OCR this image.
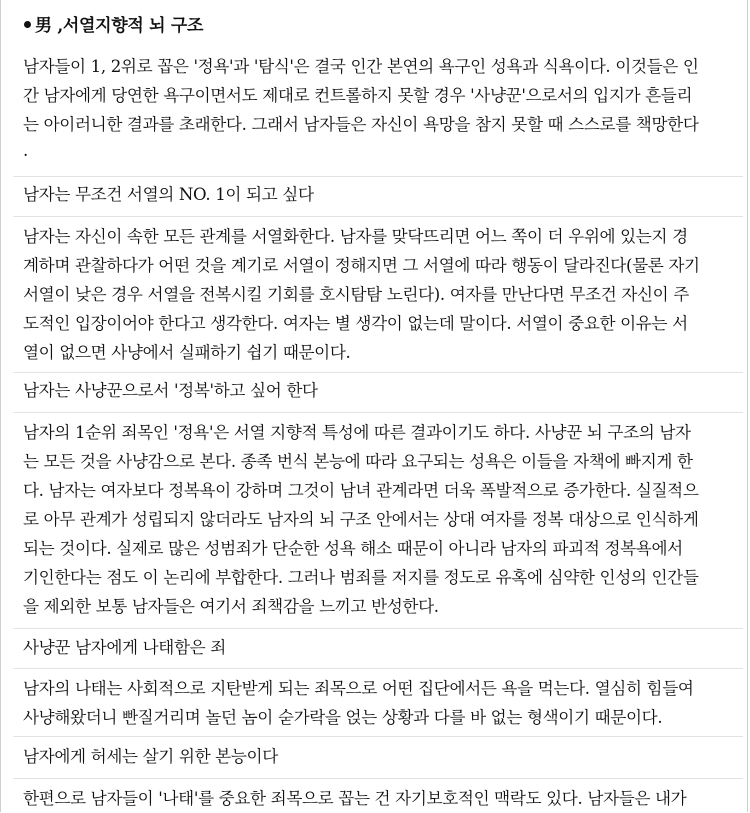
男 ,서열지향적 뇌 구조
남자들이 1, 2위로 꼽은 '정욕'과 '탐식'은 결국 인간 본연의 욕구인 성욕과 식욕이다. 이것들은 인
간 남자에게 당연한 욕구이면서도 제대로 컨트롤하지 못할 경우 '사냥꾼'으로서의 입지가 흔들리
는 아이러니한 결과를 초래한다. 그래서 남자들은 자신이 욕망을 참지 못할 때 스스로를 책망한다
.

남자는 무조건 서열의 NO. 1이 되고 싶다

남자는 자신이 속한 모든 관계를 서열화한다. 남자를 맞닥뜨리면 어느 쪽이 더 우위에 있는지 경
계하며 관찰하다가 어떤 것을 계기로 서열이 정해지면 그 서열에 따라 행동이 달라진다(물론 자기
서열이 낮은 경우 서열을 전복시킬 기회를 호시탐탐 노린다). 여자를 만난다면 무조건 자신이 주
도적인 입장이어야 한다고 생각한다. 여자는 별 생각이 없는데 말이다. 서열이 중요한 이유는 서
열이 없으면 사냥에서 실패하기 쉽기 때문이다.

남자는 사냥꾼으로서 '정복'하고 싶어 한다

남자의 1순위 죄목인 '정욕'은 서열 지향적 특성에 따른 결과이기도 하다. 사냥꾼 뇌 구조의 남자
는 모든 것을 사냥감으로 본다. 종족 번식 본능에 따라 요구되는 성욕은 이들을 자책에 빠지게 한
다. 남자는 여자보다 정복욕이 강하며 그것이 남녀 관계라면 더욱 폭발적으로 증가한다. 실질적으
로 아무 관계가 성립되지 않더라도 남자의 뇌 구조 안에서는 상대 여자를 정복 대상으로 인식하게
되는 것이다. 실제로 많은 성범죄가 단순한 성욕 해소 때문이 아니라 남자의 파괴적 정복욕에서
기인한다는 점도 이 논리에 부합한다. 그러나 범죄를 저지를 정도로 유혹에 심약한 인성의 인간들
을 제외한 보통 남자들은 여기서 죄책감을 느끼고 반성한다.

사냥꾼 남자에게 나태함은 죄

남자의 나태는 사회적으로 지탄받게 되는 죄목으로 어떤 집단에서든 욕을 먹는다. 열심히 힘들여
사냥해왔더니 빤질거리며 놀던 놈이 숟가락을 얹는 상황과 다를 바 없는 형색이기 때문이다.

남자에게 허세는 살기 위한 본능이다

한편으로 남자들이 '나태'를 중요한 죄목으로 꼽는 건 자기보호적인 맥락도 있다. 남자들은 내가
